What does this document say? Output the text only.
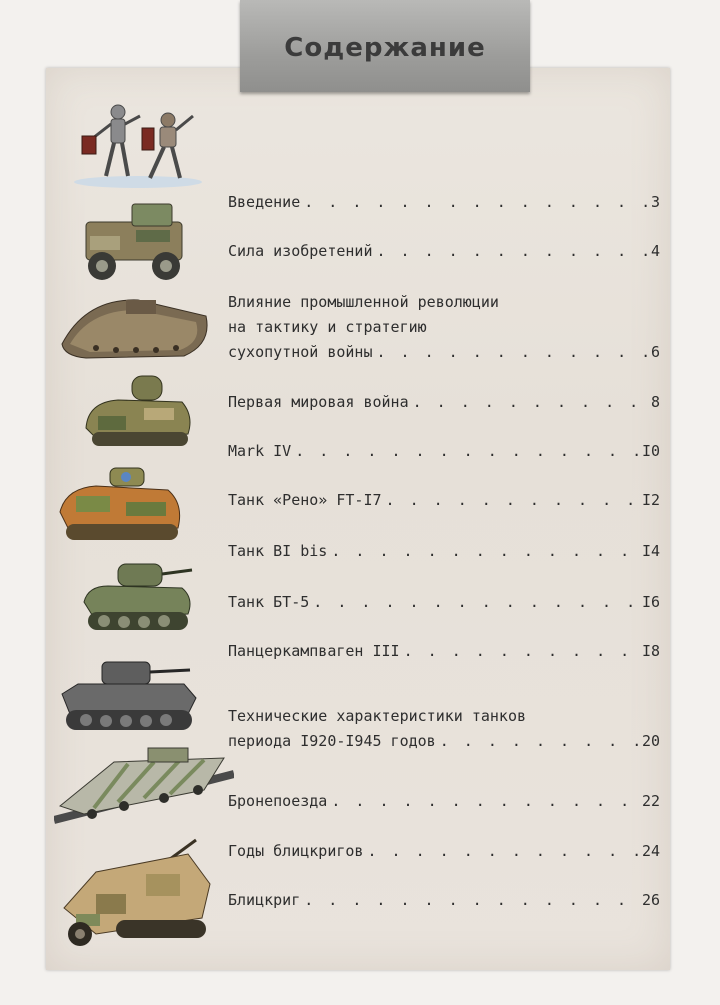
Содержание
Введение . . .	3
Сила изобретений . . .	4
Влияние промышленной революции
на тактику и стратегию
сухопутной войны . . .	6
Первая мировая война . . .	8
Mark IV . . .	I0
Танк «Рено» FT-I7 . . .	I2
Танк BI bis . . .	I4
Танк БТ-5 . . .	I6
Панцеркампваген III . . .	I8
Технические характеристики танков
периода I920-I945 годов . . .	20
Бронепоезда . . .	22
Годы блицкригов . . .	24
Блицкриг . . .	26
